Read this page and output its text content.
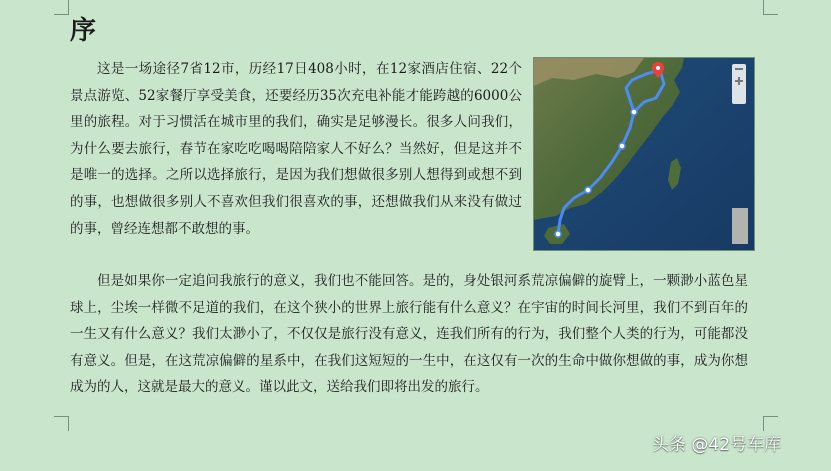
序

这是一场途径7省12市，历经17日408小时，在12家酒店住宿、22个景点游览、52家餐厅享受美食，还要经历35次充电补能才能跨越的6000公里的旅程。对于习惯活在城市里的我们，确实是足够漫长。很多人问我们，为什么要去旅行，春节在家吃吃喝喝陪陪家人不好么？当然好，但是这并不是唯一的选择。之所以选择旅行，是因为我们想做很多别人想得到或想不到的事，也想做很多别人不喜欢但我们很喜欢的事，还想做我们从来没有做过的事，曾经连想都不敢想的事。

但是如果你一定追问我旅行的意义，我们也不能回答。是的，身处银河系荒凉偏僻的旋臂上，一颗渺小蓝色星球上，尘埃一样微不足道的我们，在这个狭小的世界上旅行能有什么意义？在宇宙的时间长河里，我们不到百年的一生又有什么意义？我们太渺小了，不仅仅是旅行没有意义，连我们所有的行为，我们整个人类的行为，可能都没有意义。但是，在这荒凉偏僻的星系中，在我们这短短的一生中，在这仅有一次的生命中做你想做的事，成为你想成为的人，这就是最大的意义。谨以此文，送给我们即将出发的旅行。

头条 @42号车库
